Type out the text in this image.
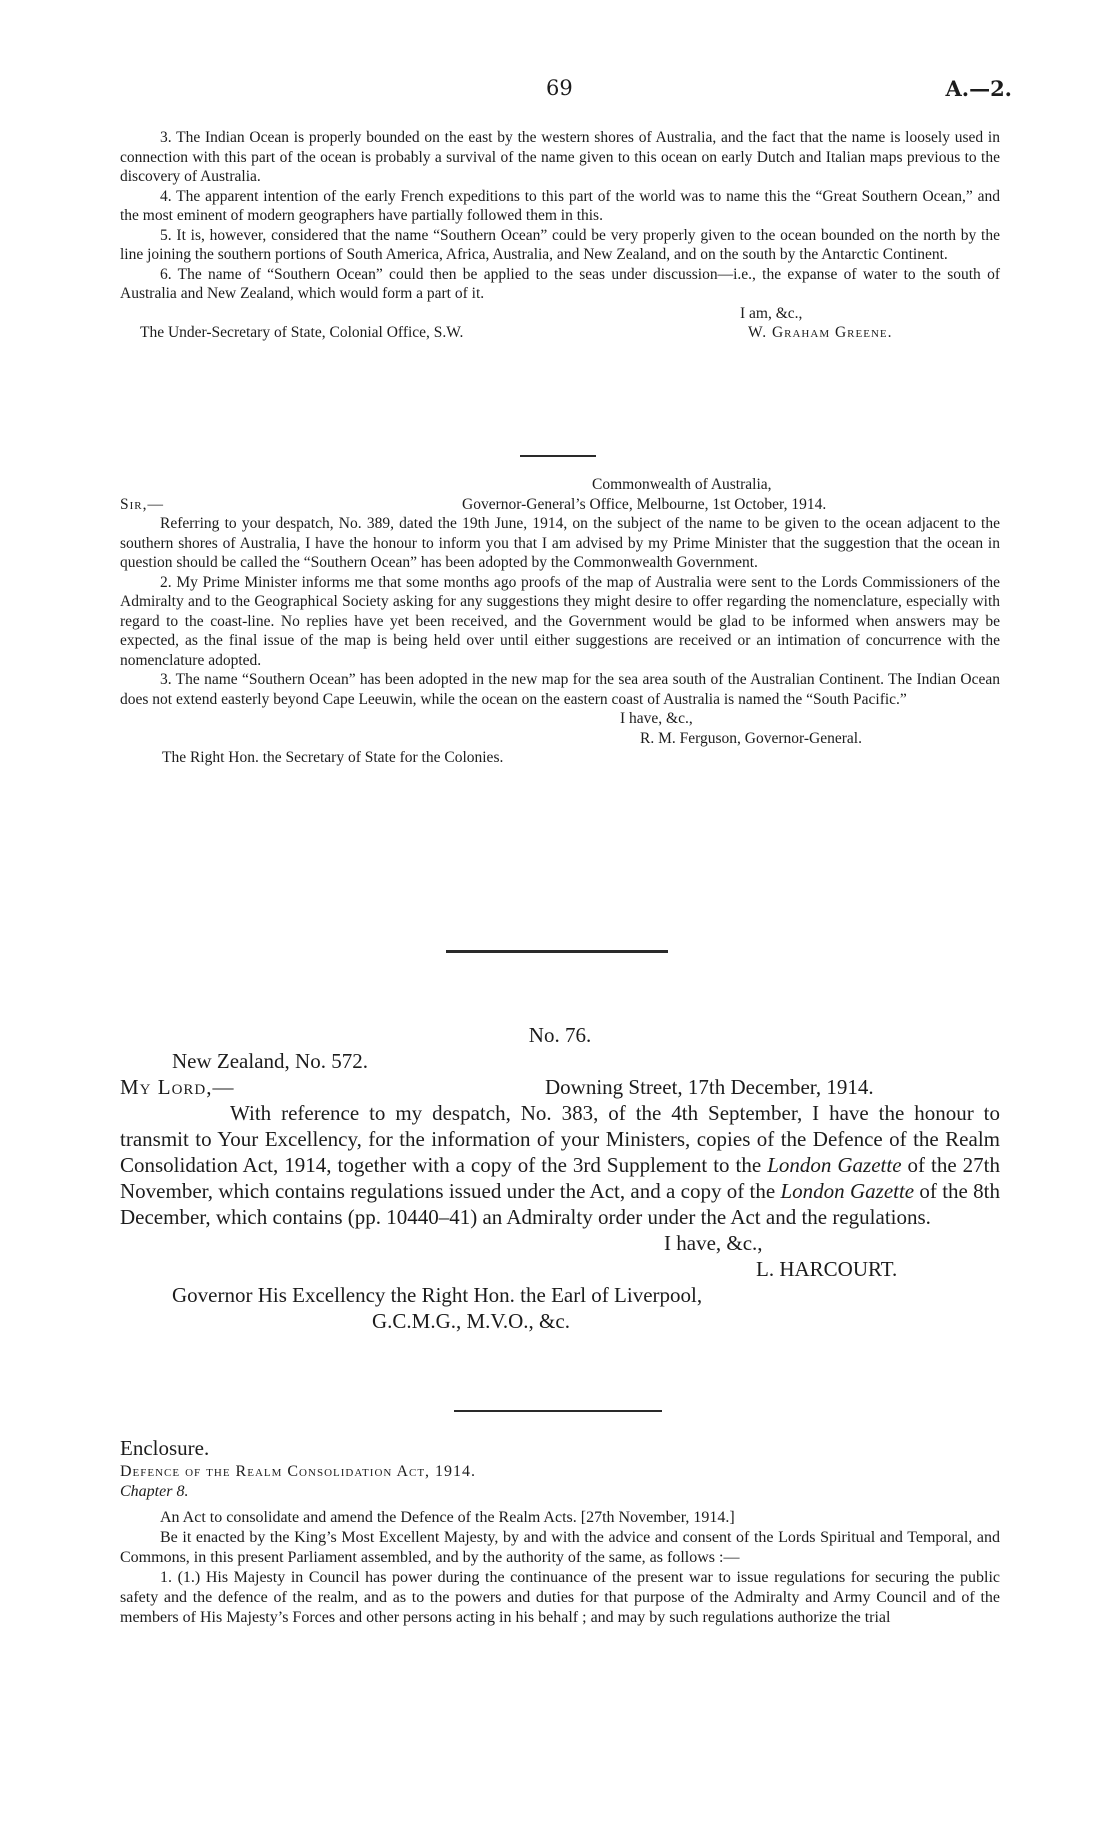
69	A.—2.

3. The Indian Ocean is properly bounded on the east by the western shores of Australia, and the fact that the name is loosely used in connection with this part of the ocean is probably a survival of the name given to this ocean on early Dutch and Italian maps previous to the discovery of Australia.

4. The apparent intention of the early French expeditions to this part of the world was to name this the “Great Southern Ocean,” and the most eminent of modern geographers have partially followed them in this.

5. It is, however, considered that the name “Southern Ocean” could be very properly given to the ocean bounded on the north by the line joining the southern portions of South America, Africa, Australia, and New Zealand, and on the south by the Antarctic Continent.

6. The name of “Southern Ocean” could then be applied to the seas under discussion—i.e., the expanse of water to the south of Australia and New Zealand, which would form a part of it.

I am, &c.,
The Under-Secretary of State, Colonial Office, S.W.	W. Graham Greene.
Commonwealth of Australia,
Sir,—	Governor-General’s Office, Melbourne, 1st October, 1914.

Referring to your despatch, No. 389, dated the 19th June, 1914, on the subject of the name to be given to the ocean adjacent to the southern shores of Australia, I have the honour to inform you that I am advised by my Prime Minister that the suggestion that the ocean in question should be called the “Southern Ocean” has been adopted by the Commonwealth Government.

2. My Prime Minister informs me that some months ago proofs of the map of Australia were sent to the Lords Commissioners of the Admiralty and to the Geographical Society asking for any suggestions they might desire to offer regarding the nomenclature, especially with regard to the coast-line. No replies have yet been received, and the Government would be glad to be informed when answers may be expected, as the final issue of the map is being held over until either suggestions are received or an intimation of concurrence with the nomenclature adopted.

3. The name “Southern Ocean” has been adopted in the new map for the sea area south of the Australian Continent. The Indian Ocean does not extend easterly beyond Cape Leeuwin, while the ocean on the eastern coast of Australia is named the “South Pacific.”

I have, &c.,
R. M. Ferguson, Governor-General.
The Right Hon. the Secretary of State for the Colonies.

No. 76.

New Zealand, No. 572.
My Lord,—	Downing Street, 17th December, 1914.

With reference to my despatch, No. 383, of the 4th September, I have the honour to transmit to Your Excellency, for the information of your Ministers, copies of the Defence of the Realm Consolidation Act, 1914, together with a copy of the 3rd Supplement to the London Gazette of the 27th November, which contains regulations issued under the Act, and a copy of the London Gazette of the 8th December, which contains (pp. 10440–41) an Admiralty order under the Act and the regulations.

I have, &c.,
L. HARCOURT.
Governor His Excellency the Right Hon. the Earl of Liverpool,
G.C.M.G., M.V.O., &c.

Enclosure.

Defence of the Realm Consolidation Act, 1914.

Chapter 8.

An Act to consolidate and amend the Defence of the Realm Acts. [27th November, 1914.]

Be it enacted by the King’s Most Excellent Majesty, by and with the advice and consent of the Lords Spiritual and Temporal, and Commons, in this present Parliament assembled, and by the authority of the same, as follows :—

1. (1.) His Majesty in Council has power during the continuance of the present war to issue regulations for securing the public safety and the defence of the realm, and as to the powers and duties for that purpose of the Admiralty and Army Council and of the members of His Majesty’s Forces and other persons acting in his behalf ; and may by such regulations authorize the trial
